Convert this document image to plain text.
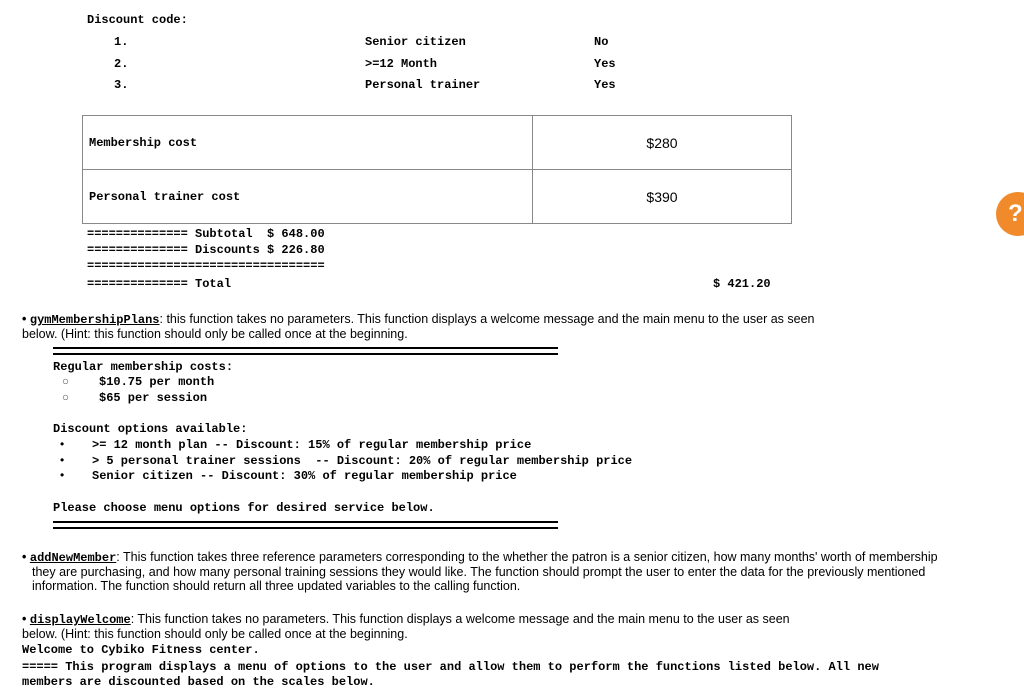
Discount code:
1.	Senior citizen	No
2.	>=12 Month	Yes
3.	Personal trainer	Yes
Membership cost	$280
Personal trainer cost	$390
============== Subtotal  $ 648.00
============== Discounts $ 226.80
=================================
============== Total	$ 421.20
• gymMembershipPlans: this function takes no parameters. This function displays a welcome message and the main menu to the user as seen
below. (Hint: this function should only be called once at the beginning.
Regular membership costs:
○ $10.75 per month
○ $65 per session
Discount options available:
• >= 12 month plan -- Discount: 15% of regular membership price
• > 5 personal trainer sessions  -- Discount: 20% of regular membership price
• Senior citizen -- Discount: 30% of regular membership price
Please choose menu options for desired service below.
• addNewMember: This function takes three reference parameters corresponding to the whether the patron is a senior citizen, how many months' worth of membership
they are purchasing, and how many personal training sessions they would like. The function should prompt the user to enter the data for the previously mentioned
information. The function should return all three updated variables to the calling function.
• displayWelcome: This function takes no parameters. This function displays a welcome message and the main menu to the user as seen
below. (Hint: this function should only be called once at the beginning.
Welcome to Cybiko Fitness center.
===== This program displays a menu of options to the user and allow them to perform the functions listed below. All new
members are discounted based on the scales below.
?
